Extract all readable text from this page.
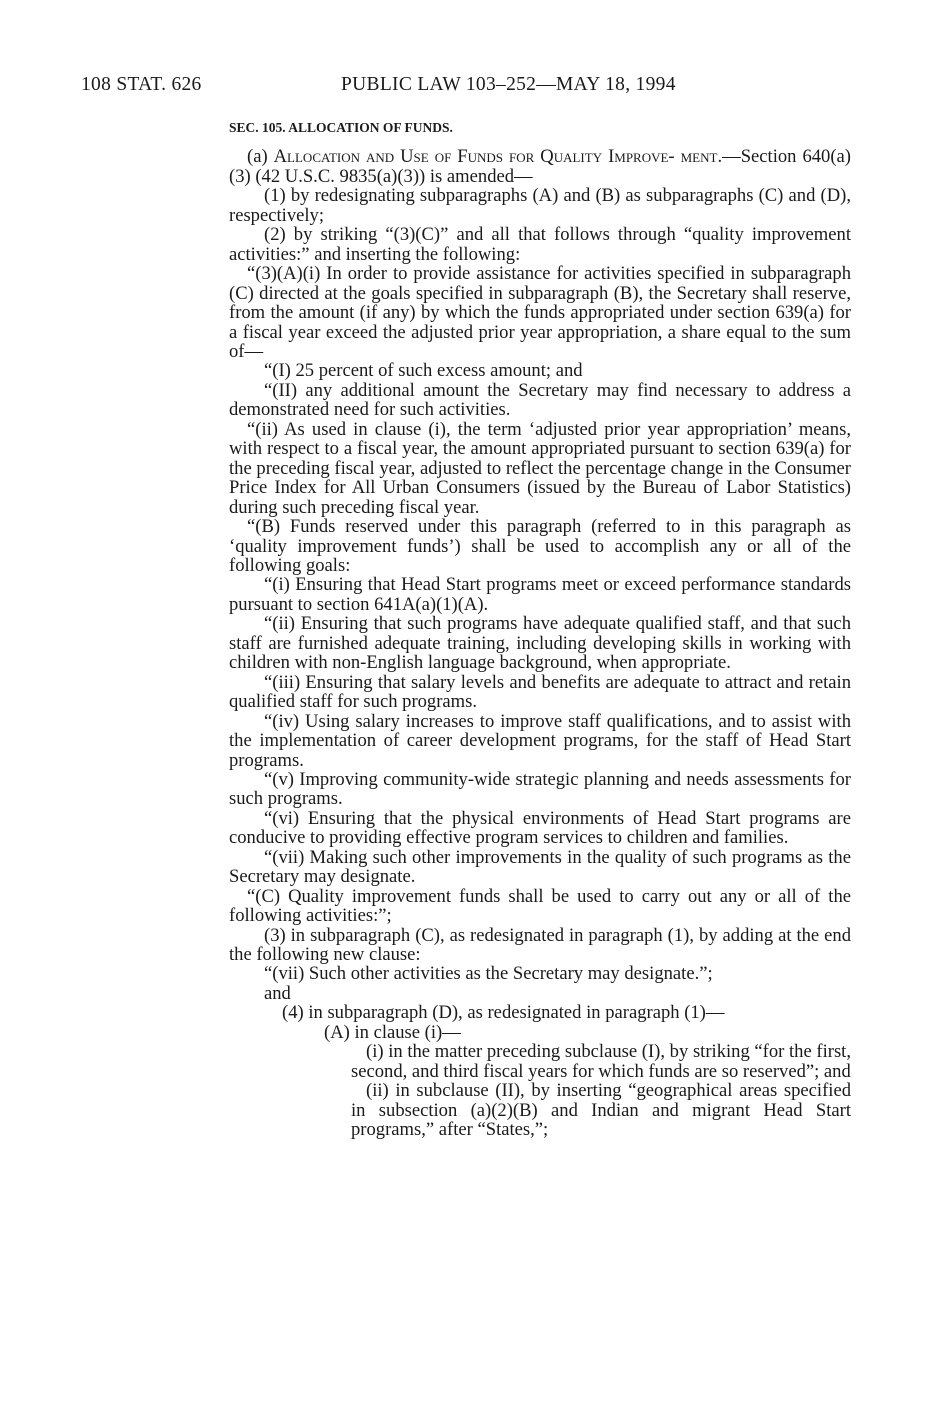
108 STAT. 626	PUBLIC LAW 103–252—MAY 18, 1994

SEC. 105. ALLOCATION OF FUNDS.

(a) Allocation and Use of Funds for Quality Improve- ment.—Section 640(a)(3) (42 U.S.C. 9835(a)(3)) is amended—

(1) by redesignating subparagraphs (A) and (B) as subparagraphs (C) and (D), respectively;

(2) by striking “(3)(C)” and all that follows through “quality improvement activities:” and inserting the following:

“(3)(A)(i) In order to provide assistance for activities specified in subparagraph (C) directed at the goals specified in subparagraph (B), the Secretary shall reserve, from the amount (if any) by which the funds appropriated under section 639(a) for a fiscal year exceed the adjusted prior year appropriation, a share equal to the sum of—

“(I) 25 percent of such excess amount; and

“(II) any additional amount the Secretary may find necessary to address a demonstrated need for such activities.

“(ii) As used in clause (i), the term ‘adjusted prior year appropriation’ means, with respect to a fiscal year, the amount appropriated pursuant to section 639(a) for the preceding fiscal year, adjusted to reflect the percentage change in the Consumer Price Index for All Urban Consumers (issued by the Bureau of Labor Statistics) during such preceding fiscal year.

“(B) Funds reserved under this paragraph (referred to in this paragraph as ‘quality improvement funds’) shall be used to accomplish any or all of the following goals:

“(i) Ensuring that Head Start programs meet or exceed performance standards pursuant to section 641A(a)(1)(A).

“(ii) Ensuring that such programs have adequate qualified staff, and that such staff are furnished adequate training, including developing skills in working with children with non-English language background, when appropriate.

“(iii) Ensuring that salary levels and benefits are adequate to attract and retain qualified staff for such programs.

“(iv) Using salary increases to improve staff qualifications, and to assist with the implementation of career development programs, for the staff of Head Start programs.

“(v) Improving community-wide strategic planning and needs assessments for such programs.

“(vi) Ensuring that the physical environments of Head Start programs are conducive to providing effective program services to children and families.

“(vii) Making such other improvements in the quality of such programs as the Secretary may designate.

“(C) Quality improvement funds shall be used to carry out any or all of the following activities:”;

(3) in subparagraph (C), as redesignated in paragraph (1), by adding at the end the following new clause:

“(vii) Such other activities as the Secretary may designate.”;

and

(4) in subparagraph (D), as redesignated in paragraph (1)—

(A) in clause (i)—

(i) in the matter preceding subclause (I), by striking “for the first, second, and third fiscal years for which funds are so reserved”; and

(ii) in subclause (II), by inserting “geographical areas specified in subsection (a)(2)(B) and Indian and migrant Head Start programs,” after “States,”;
